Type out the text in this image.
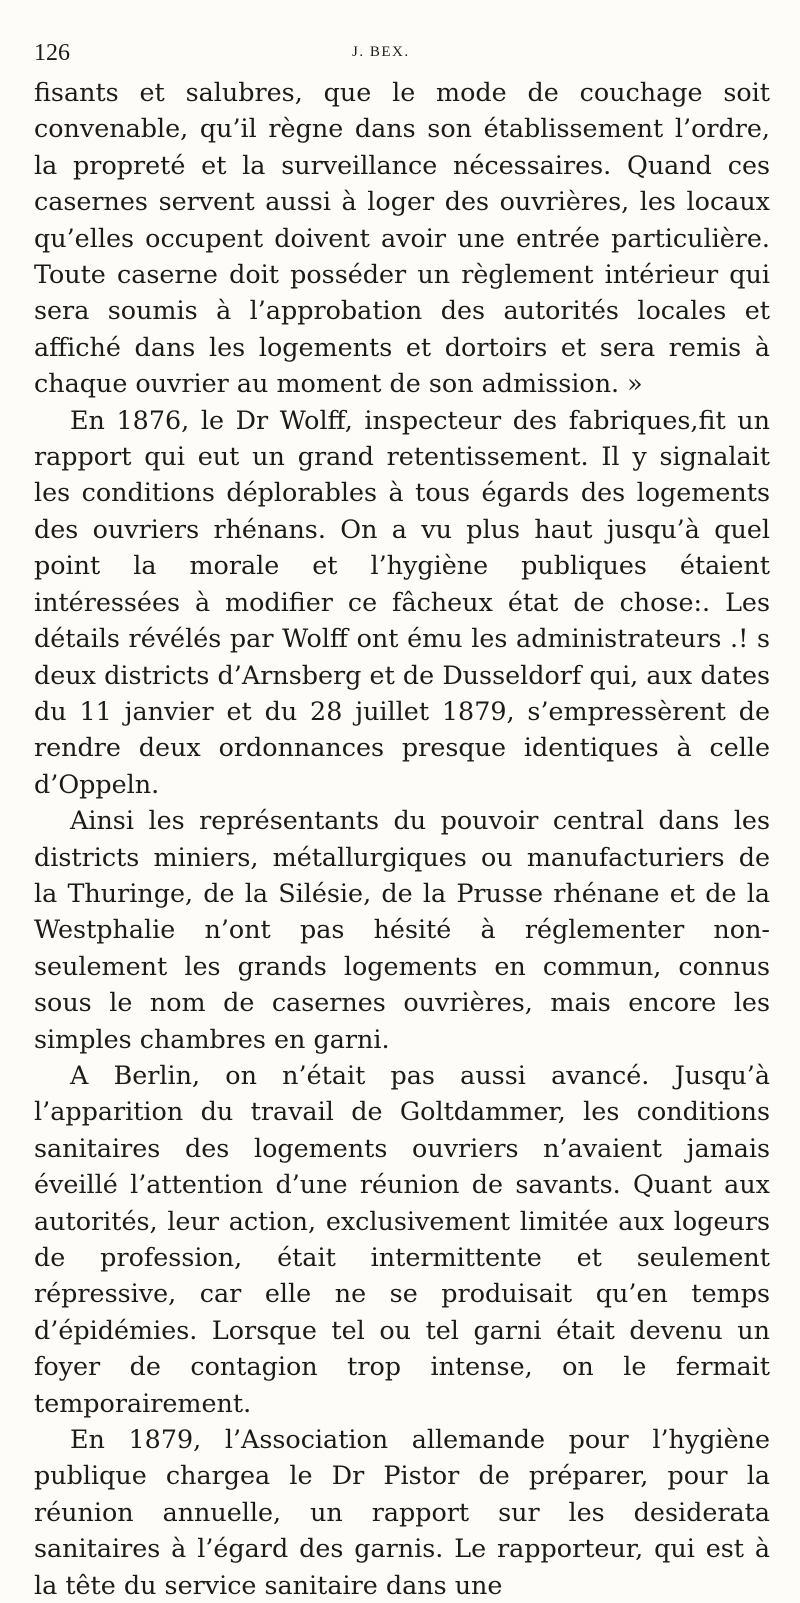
126	J. BEX.

fisants et salubres, que le mode de couchage soit convenable, qu’il règne dans son établissement l’ordre, la propreté et la surveillance nécessaires. Quand ces casernes servent aussi à loger des ouvrières, les locaux qu’elles occupent doivent avoir une entrée particulière. Toute caserne doit posséder un règlement intérieur qui sera soumis à l’approbation des autorités locales et affiché dans les logements et dortoirs et sera remis à chaque ouvrier au moment de son admission. »

En 1876, le Dr Wolff, inspecteur des fabriques,fit un rapport qui eut un grand retentissement. Il y signalait les conditions déplorables à tous égards des logements des ouvriers rhénans. On a vu plus haut jusqu’à quel point la morale et l’hygiène publiques étaient intéressées à modifier ce fâcheux état de chose:. Les détails révélés par Wolff ont ému les administrateurs .! s deux districts d’Arnsberg et de Dusseldorf qui, aux dates du 11 janvier et du 28 juillet 1879, s’empressèrent de rendre deux ordonnances presque identiques à celle d’Oppeln.

Ainsi les représentants du pouvoir central dans les districts miniers, métallurgiques ou manufacturiers de la Thuringe, de la Silésie, de la Prusse rhénane et de la Westphalie n’ont pas hésité à réglementer non-seulement les grands logements en commun, connus sous le nom de casernes ouvrières, mais encore les simples chambres en garni.

A Berlin, on n’était pas aussi avancé. Jusqu’à l’apparition du travail de Goltdammer, les conditions sanitaires des logements ouvriers n’avaient jamais éveillé l’attention d’une réunion de savants. Quant aux autorités, leur action, exclusivement limitée aux logeurs de profession, était intermittente et seulement répressive, car elle ne se produisait qu’en temps d’épidémies. Lorsque tel ou tel garni était devenu un foyer de contagion trop intense, on le fermait temporairement.

En 1879, l’Association allemande pour l’hygiène publique chargea le Dr Pistor de préparer, pour la réunion annuelle, un rapport sur les desiderata sanitaires à l’égard des garnis. Le rapporteur, qui est à la tête du service sanitaire dans une
